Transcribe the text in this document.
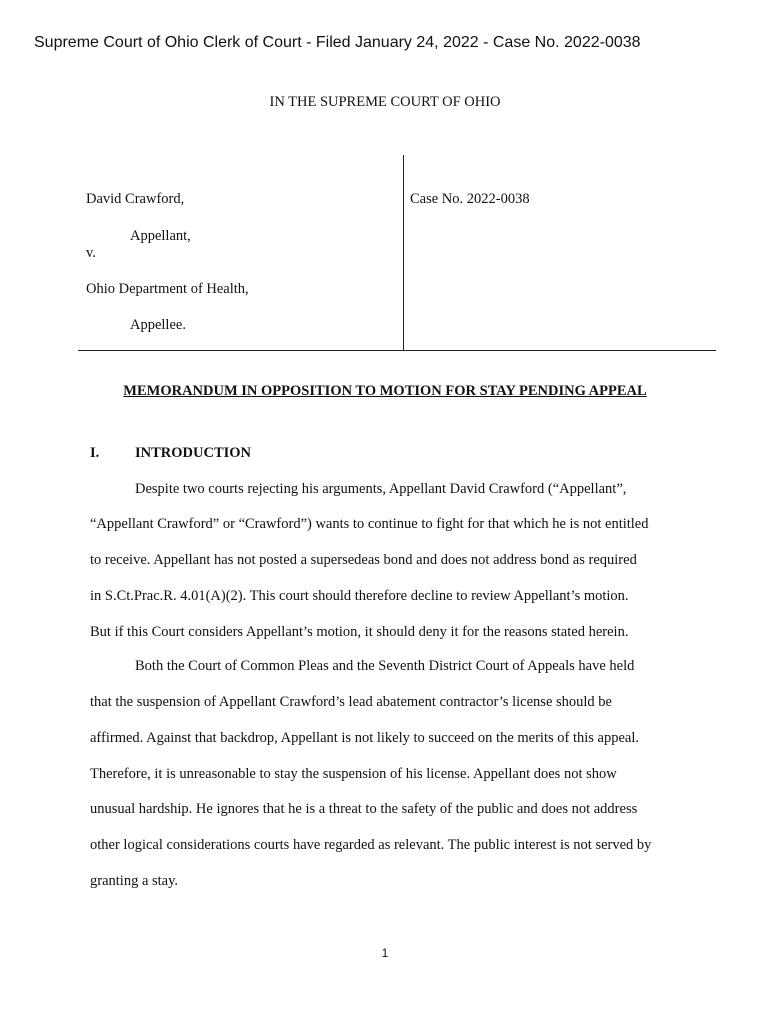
Supreme Court of Ohio Clerk of Court - Filed January 24, 2022 - Case No. 2022-0038
IN THE SUPREME COURT OF OHIO
David Crawford,
Appellant,
v.
Ohio Department of Health,
Appellee.
Case No. 2022-0038
MEMORANDUM IN OPPOSITION TO MOTION FOR STAY PENDING APPEAL
I. INTRODUCTION
Despite two courts rejecting his arguments, Appellant David Crawford (“Appellant”,
“Appellant Crawford” or “Crawford”) wants to continue to fight for that which he is not entitled
to receive. Appellant has not posted a supersedeas bond and does not address bond as required
in S.Ct.Prac.R. 4.01(A)(2). This court should therefore decline to review Appellant’s motion.
But if this Court considers Appellant’s motion, it should deny it for the reasons stated herein.
Both the Court of Common Pleas and the Seventh District Court of Appeals have held
that the suspension of Appellant Crawford’s lead abatement contractor’s license should be
affirmed. Against that backdrop, Appellant is not likely to succeed on the merits of this appeal.
Therefore, it is unreasonable to stay the suspension of his license. Appellant does not show
unusual hardship. He ignores that he is a threat to the safety of the public and does not address
other logical considerations courts have regarded as relevant. The public interest is not served by
granting a stay.
1
